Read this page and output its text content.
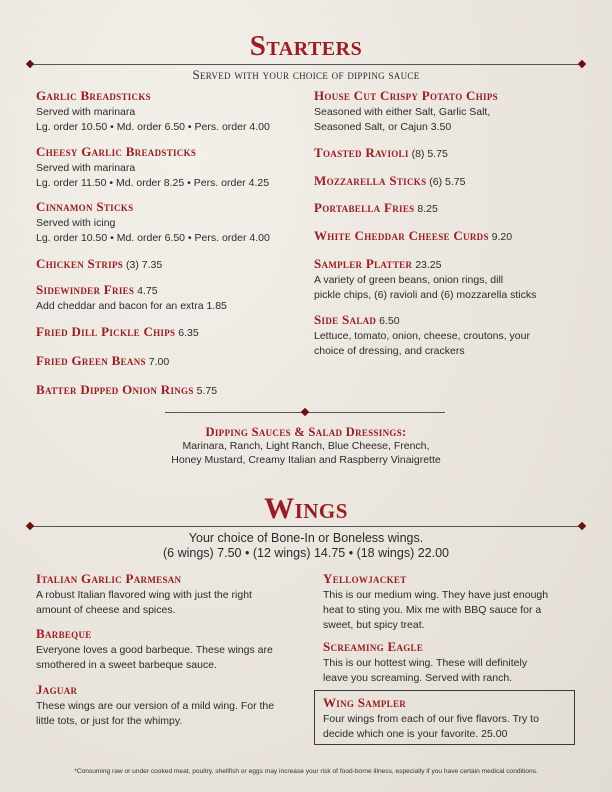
Starters
Served with your choice of dipping sauce
Garlic Breadsticks
Served with marinara
Lg. order 10.50 • Md. order 6.50 • Pers. order 4.00
Cheesy Garlic Breadsticks
Served with marinara
Lg. order 11.50 • Md. order 8.25 • Pers. order 4.25
Cinnamon Sticks
Served with icing
Lg. order 10.50 • Md. order 6.50 • Pers. order 4.00
Chicken Strips (3) 7.35
Sidewinder Fries 4.75
Add cheddar and bacon for an extra 1.85
Fried Dill Pickle Chips 6.35
Fried Green Beans 7.00
Batter Dipped Onion Rings 5.75
House Cut Crispy Potato Chips
Seasoned with either Salt, Garlic Salt,
Seasoned Salt, or Cajun 3.50
Toasted Ravioli (8) 5.75
Mozzarella Sticks (6) 5.75
Portabella Fries 8.25
White Cheddar Cheese Curds 9.20
Sampler Platter 23.25
A variety of green beans, onion rings, dill
pickle chips, (6) ravioli and (6) mozzarella sticks
Side Salad 6.50
Lettuce, tomato, onion, cheese, croutons, your
choice of dressing, and crackers
Dipping Sauces & Salad Dressings:
Marinara, Ranch, Light Ranch, Blue Cheese, French,
Honey Mustard, Creamy Italian and Raspberry Vinaigrette
Wings
Your choice of Bone-In or Boneless wings.
(6 wings) 7.50 • (12 wings) 14.75 • (18 wings) 22.00
Italian Garlic Parmesan
A robust Italian flavored wing with just the right
amount of cheese and spices.
Barbeque
Everyone loves a good barbeque. These wings are
smothered in a sweet barbeque sauce.
Jaguar
These wings are our version of a mild wing. For the
little tots, or just for the whimpy.
Yellowjacket
This is our medium wing. They have just enough
heat to sting you. Mix me with BBQ sauce for a
sweet, but spicy treat.
Screaming Eagle
This is our hottest wing. These will definitely
leave you screaming. Served with ranch.
Wing Sampler
Four wings from each of our five flavors. Try to
decide which one is your favorite. 25.00
*Consuming raw or under cooked meat, poultry, shellfish or eggs may increase your risk of food-borne illness, especially if you have certain medical conditions.
